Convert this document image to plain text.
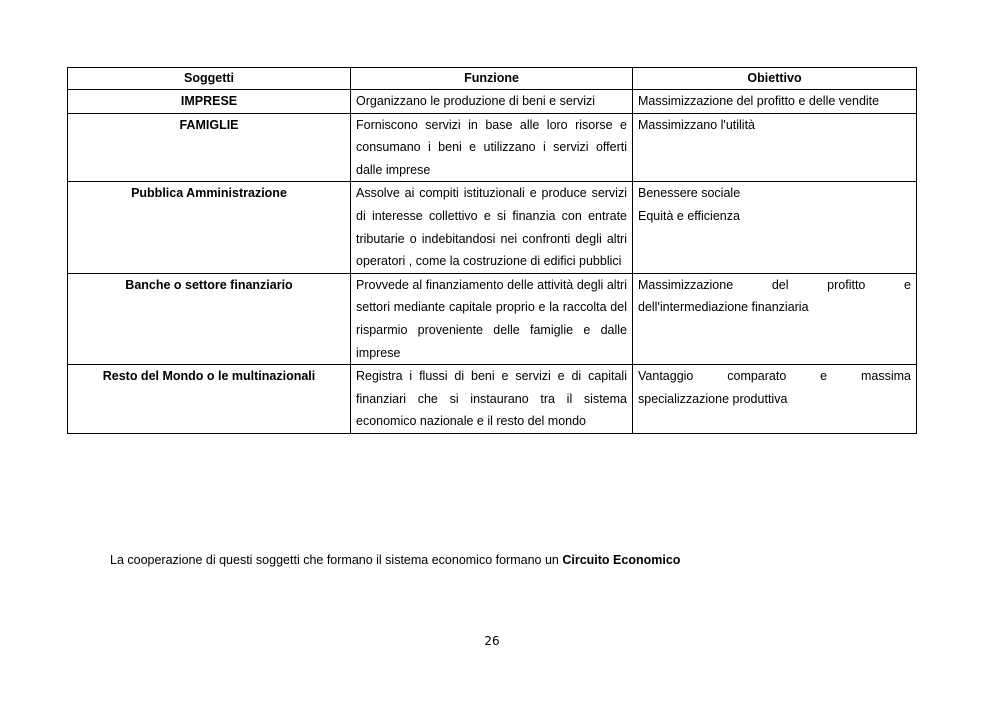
Soggetti	Funzione	Obiettivo
IMPRESE	Organizzano le produzione di beni e servizi	Massimizzazione del profitto e delle vendite

FAMIGLIE	Forniscono servizi in base alle loro risorse e consumano i beni e utilizzano i servizi offerti dalle imprese	Massimizzano l'utilità

Pubblica Amministrazione	Assolve ai compiti istituzionali e produce servizi di interesse collettivo e si finanzia con entrate tributarie o indebitandosi nei confronti degli altri operatori , come la costruzione di edifici pubblici	Benessere sociale
Equità e efficienza

Banche o settore finanziario	Provvede al finanziamento delle attività degli altri settori mediante capitale proprio e la raccolta del risparmio proveniente delle famiglie e dalle imprese	Massimizzazione del profitto e dell'intermediazione finanziaria

Resto del Mondo o le multinazionali	Registra i flussi di beni e servizi e di capitali finanziari che si instaurano tra il sistema economico nazionale e il resto del mondo	Vantaggio comparato e massima specializzazione produttiva
La cooperazione di questi soggetti che formano il sistema economico formano un Circuito Economico
26
